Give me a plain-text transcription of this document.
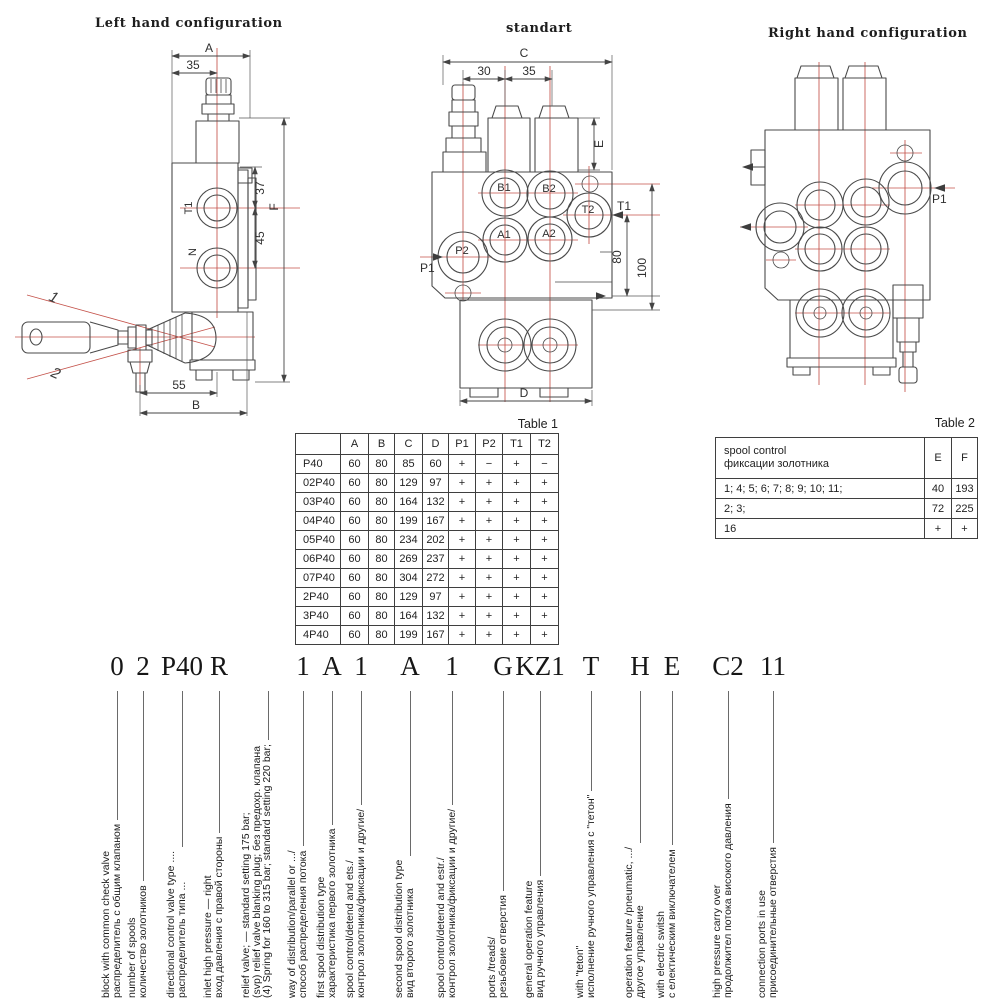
Left hand configuration	standart	Right hand configuration
T1
N
1
2
A
35
37
45
F
55
B
B1	B2
T2
A1	A2
P2
P1
T1
C
30	35
E
80
100
D
P1
Table 1
	A	B	C	D	P1	P2	T1	T2
P40	60	80	85	60	+	−	+	−
02P40	60	80	129	97	+	+	+	+
03P40	60	80	164	132	+	+	+	+
04P40	60	80	199	167	+	+	+	+
05P40	60	80	234	202	+	+	+	+
06P40	60	80	269	237	+	+	+	+
07P40	60	80	304	272	+	+	+	+
2P40	60	80	129	97	+	+	+	+
3P40	60	80	164	132	+	+	+	+
4P40	60	80	199	167	+	+	+	+
Table 2
spool control
фиксации золотника	E	F
1; 4; 5; 6; 7; 8; 9; 10; 11;	40	193
2; 3;	72	225
16	+	+
0
block with common check valve
распределитель с общим клапаном
2
number of spools
количество золотников
P40
directional control valve type ....
распределитель типа ...
R
inlet high pressure — right
вход давления с правой стороны relief valve; — standard setting 175 bar;
(svp) relief valve blanking plug; без предохр. клапана
(4) Spring for 160 to 315 bar; standard setting 220 bar;
1
way of distribution/parallel or .../
способ распределения потока
A
first spool distribution type
характеристика первого золотника
1
spool control/detend and ets./
контрол золотника/фиксации и другие/
A
second spool distribution type
вид второго золотника
1
spool control/detend and estr./
контрол золотника/фиксации и другие/
G
ports /treads/
резьбовие отверстия
KZ1
general operation feature
вид ручного управления
T
with "teton"
исполнение ручного управления с "тетон"
H
operation feature /pneumatic, .../
другое управление
E
with electric switsh
с електическим виключателем
C2
high pressure carry over
продолжител потока високого давления
11
connection ports in use
присоединительные отверстия
